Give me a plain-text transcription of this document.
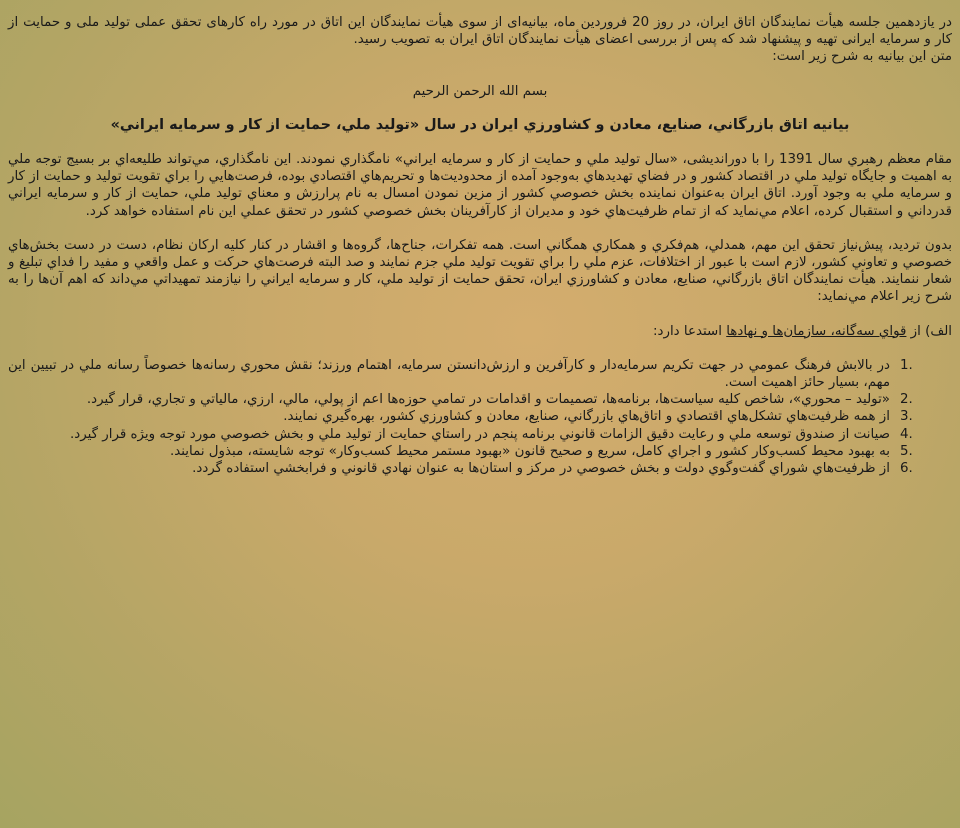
در یازدهمین جلسه هیأت نمایندگان اتاق ایران، در روز 20 فروردین ماه، بیانیه‌ای از سوی هیأت نمایندگان این اتاق در مورد راه کارهای تحقق عملی تولید ملی و حمایت از کار و سرمایه ایرانی تهیه و پیشنهاد شد که پس از بررسی اعضای هیأت نمایندگان اتاق ایران به تصویب رسید.

متن این بیانیه به شرح زیر است:

بسم الله الرحمن الرحیم

بيانيه اتاق بازرگاني، صنايع، معادن و كشاورزي ايران در سال «توليد ملي، حمايت از كار و سرمايه ايراني»

مقام معظم رهبري سال 1391 را با دوراندیشی، «سال توليد ملي و حمايت از كار و سرمايه ايراني» نامگذاري نمودند. اين نامگذاري، مي‌تواند طليعه‌اي بر بسيج توجه ملي به اهميت و جايگاه توليد ملي در اقتصاد كشور و در فضاي تهديدهاي به‌وجود آمده از محدوديت‌ها و تحريم‌هاي اقتصادي بوده، فرصت‌هايي را براي تقويت توليد و حمايت از كار و سرمايه ملي به وجود آورد. اتاق ايران به‌عنوان نماينده بخش خصوصي كشور از مزين نمودن امسال به نام پرارزش و معناي توليد ملي، حمايت از كار و سرمايه ايراني قدرداني و استقبال كرده، اعلام مي‌نمايد كه از تمام ظرفيت‌هاي خود و مديران از كارآفرينان بخش خصوصي كشور در تحقق عملي اين نام استفاده خواهد كرد.

بدون ترديد، پيش‌نياز تحقق اين مهم، همدلي، هم‌فكري و همكاري همگاني است. همه تفكرات، جناح‌ها، گروه‌ها و اقشار در كنار كليه اركان نظام، دست در دست بخش‌هاي خصوصي و تعاوني كشور، لازم است با عبور از اختلافات، عزم ملي را براي تقويت توليد ملي جزم نمايند و صد البته فرصت‌هاي حركت و عمل واقعي و مفيد را فداي تبليغ و شعار ننمايند. هيأت نمايندگان اتاق بازرگاني، صنايع، معادن و كشاورزي ايران، تحقق حمايت از توليد ملي، كار و سرمايه ايراني را نيازمند تمهيداتي مي‌داند كه اهم آن‌ها را به شرح زير اعلام مي‌نمايد:

الف) از قواي سه‌گانه، سازمان‌ها و نهادها استدعا دارد:

1.
در بالابش فرهنگ عمومي در جهت تكريم سرمايه‌دار و كارآفرين و ارزش‌دانستن سرمايه، اهتمام ورزند؛ نقش محوري رسانه‌ها خصوصاً رسانه ملي در تبيين اين مهم، بسيار حائز اهميت است.
2.
«توليد – محوري»، شاخص كليه سياست‌ها، برنامه‌ها، تصميمات و اقدامات در تمامي حوزه‌ها اعم از پولي، مالي، ارزي، مالياتي و تجاري، قرار گيرد.
3.
از همه ظرفيت‌هاي تشكل‌هاي اقتصادي و اتاق‌هاي بازرگاني، صنايع، معادن و كشاورزي كشور، بهره‌گيري نمايند.
4.
صيانت از صندوق توسعه ملي و رعايت دقيق الزامات قانوني برنامه پنجم در راستاي حمايت از توليد ملي و بخش خصوصي مورد توجه ويژه قرار گيرد.
5.
به بهبود محيط كسب‌وكار كشور و اجراي كامل، سريع و صحيح قانون «بهبود مستمر محيط كسب‌وكار» توجه شايسته، مبذول نمايند.
6.
از ظرفيت‌هاي شوراي گفت‌وگوي دولت و بخش خصوصي در مركز و استان‌ها به عنوان نهادي قانوني و فرابخشي استفاده گردد.
